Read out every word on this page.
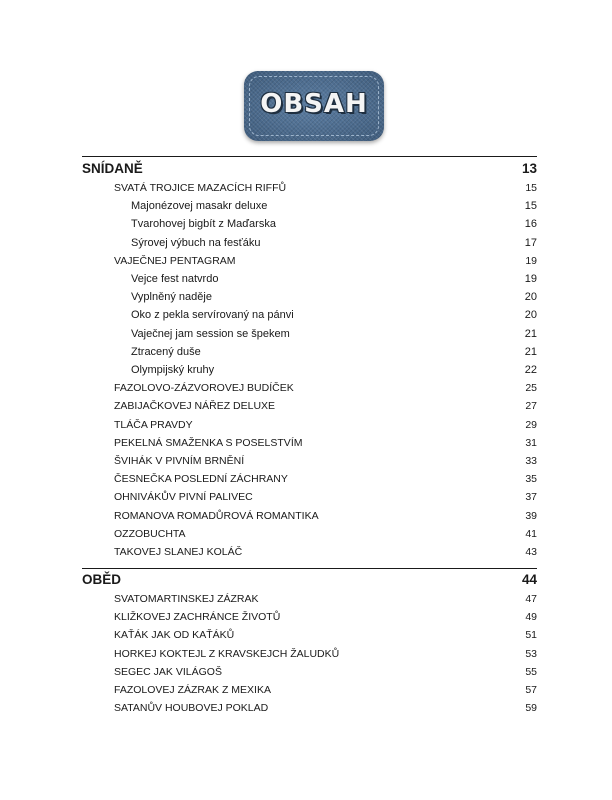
OBSAH
SNÍDANĚ	13
SVATÁ TROJICE MAZACÍCH RIFFŮ	15
Majonézovej masakr deluxe	15
Tvarohovej bigbít z Maďarska	16
Sýrovej výbuch na fesťáku	17
VAJEČNEJ PENTAGRAM	19
Vejce fest natvrdo	19
Vyplněný naděje	20
Oko z pekla servírovaný na pánvi	20
Vaječnej jam session se špekem	21
Ztracený duše	21
Olympijský kruhy	22
FAZOLOVO-ZÁZVOROVEJ BUDÍČEK	25
ZABIJAČKOVEJ NÁŘEZ DELUXE	27
TLÁČA PRAVDY	29
PEKELNÁ SMAŽENKA S POSELSTVÍM	31
ŠVIHÁK V PIVNÍM BRNĚNÍ	33
ČESNEČKA POSLEDNÍ ZÁCHRANY	35
OHNIVÁKŮV PIVNÍ PALIVEC	37
ROMANOVA ROMADŮROVÁ ROMANTIKA	39
OZZOBUCHTA	41
TAKOVEJ SLANEJ KOLÁČ	43
OBĚD	44
SVATOMARTINSKEJ ZÁZRAK	47
KLIŽKOVEJ ZACHRÁNCE ŽIVOTŮ	49
KAŤÁK JAK OD KAŤÁKŮ	51
HORKEJ KOKTEJL Z KRAVSKEJCH ŽALUDKŮ	53
SEGEC JAK VILÁGOŠ	55
FAZOLOVEJ ZÁZRAK Z MEXIKA	57
SATANŮV HOUBOVEJ POKLAD	59
